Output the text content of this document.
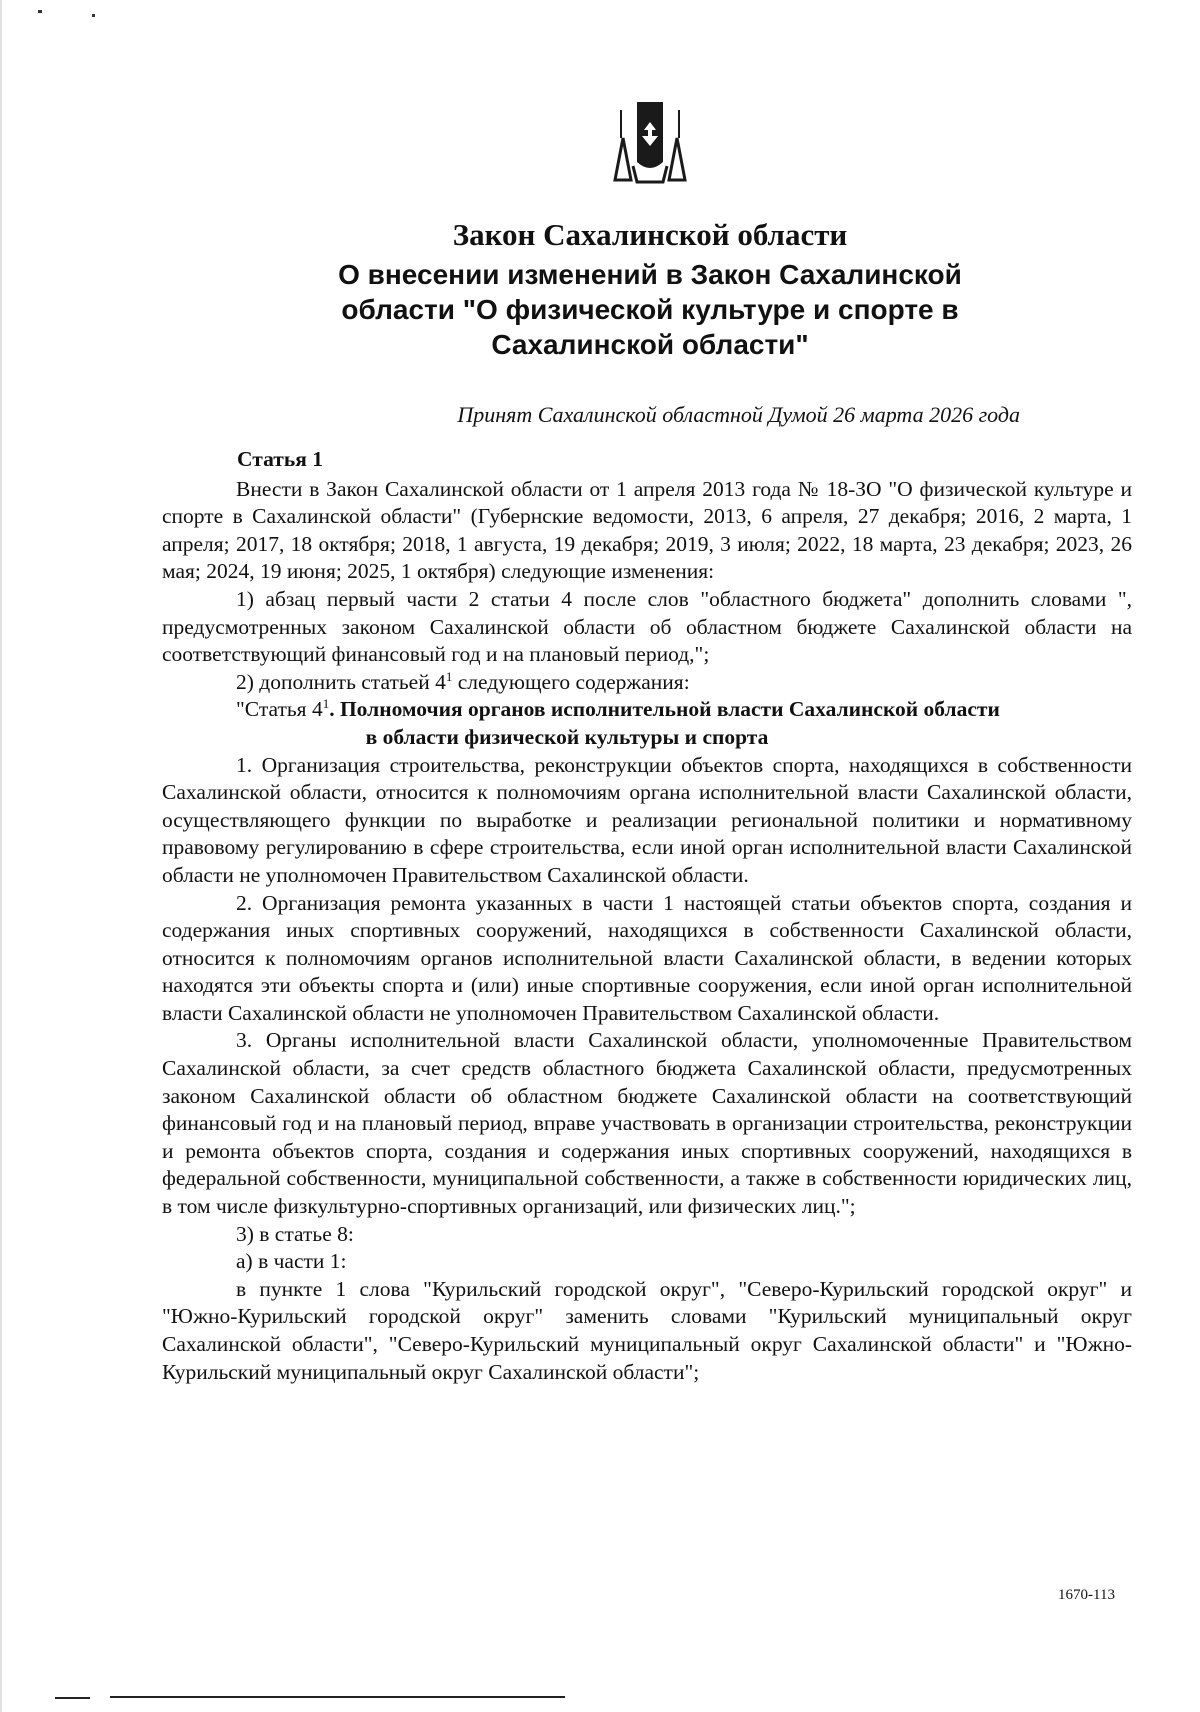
Закон Сахалинской области
О внесении изменений в Закон Сахалинской
области "О физической культуре и спорте в
Сахалинской области"
Принят Сахалинской областной Думой 26 марта 2026 года

Статья 1

Внести в Закон Сахалинской области от 1 апреля 2013 года № 18-ЗО "О физической культуре и спорте в Сахалинской области" (Губернские ведомости, 2013, 6 апреля, 27 декабря; 2016, 2 марта, 1 апреля; 2017, 18 октября; 2018, 1 августа, 19 декабря; 2019, 3 июля; 2022, 18 марта, 23 декабря; 2023, 26 мая; 2024, 19 июня; 2025, 1 октября) следующие изменения:

1) абзац первый части 2 статьи 4 после слов "областного бюджета" дополнить словами ", предусмотренных законом Сахалинской области об областном бюджете Сахалинской области на соответствующий финансовый год и на плановый период,";

2) дополнить статьей $4^1$ следующего содержания:

"Статья $4^1$. Полномочия органов исполнительной власти Сахалинской области

в области физической культуры и спорта

1. Организация строительства, реконструкции объектов спорта, находящихся в собственности Сахалинской области, относится к полномочиям органа исполнительной власти Сахалинской области, осуществляющего функции по выработке и реализации региональной политики и нормативному правовому регулированию в сфере строительства, если иной орган исполнительной власти Сахалинской области не уполномочен Правительством Сахалинской области.

2. Организация ремонта указанных в части 1 настоящей статьи объектов спорта, создания и содержания иных спортивных сооружений, находящихся в собственности Сахалинской области, относится к полномочиям органов исполнительной власти Сахалинской области, в ведении которых находятся эти объекты спорта и (или) иные спортивные сооружения, если иной орган исполнительной власти Сахалинской области не уполномочен Правительством Сахалинской области.

3. Органы исполнительной власти Сахалинской области, уполномоченные Правительством Сахалинской области, за счет средств областного бюджета Сахалинской области, предусмотренных законом Сахалинской области об областном бюджете Сахалинской области на соответствующий финансовый год и на плановый период, вправе участвовать в организации строительства, реконструкции и ремонта объектов спорта, создания и содержания иных спортивных сооружений, находящихся в федеральной собственности, муниципальной собственности, а также в собственности юридических лиц, в том числе физкультурно-спортивных организаций, или физических лиц.";

3) в статье 8:

а) в части 1:

в пункте 1 слова "Курильский городской округ", "Северо-Курильский городской округ" и "Южно-Курильский городской округ" заменить словами "Курильский муниципальный округ Сахалинской области", "Северо-Курильский муниципальный округ Сахалинской области" и "Южно-Курильский муниципальный округ Сахалинской области";

1670-113
